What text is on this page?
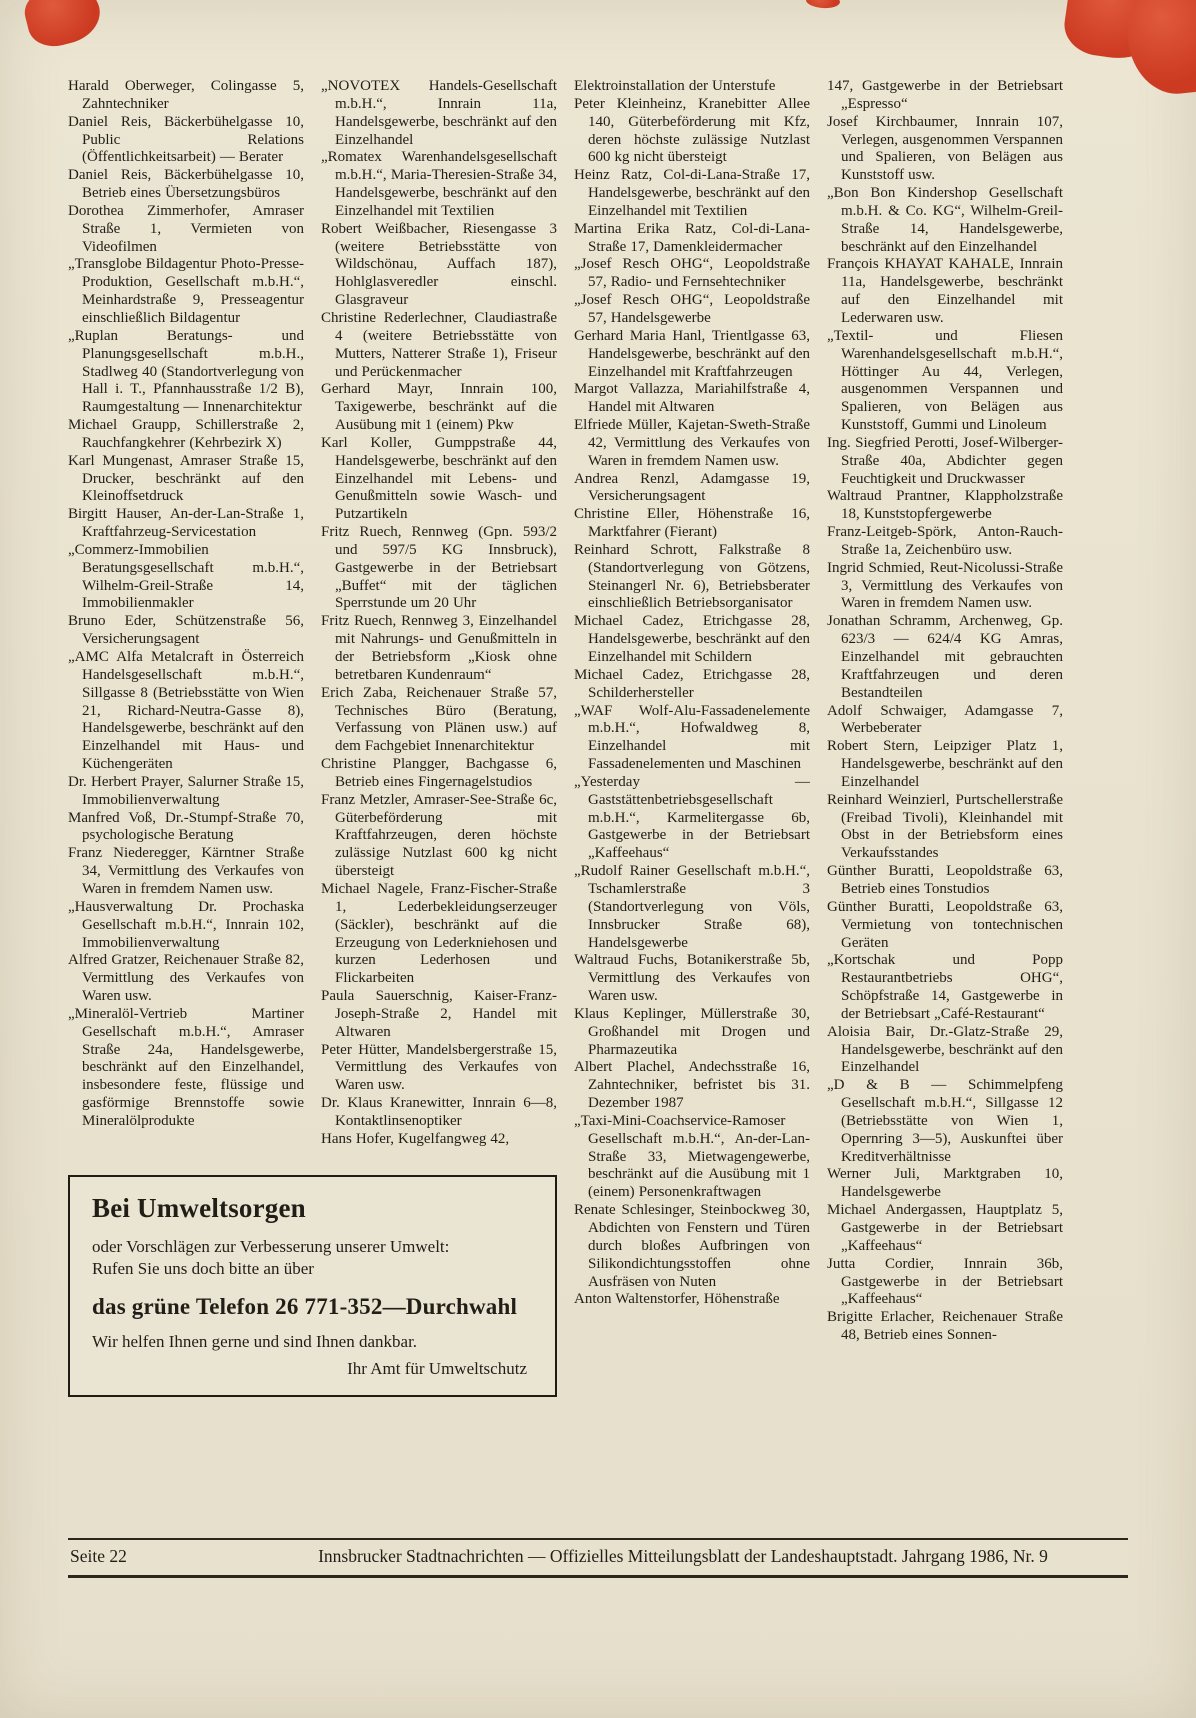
Harald Oberweger, Colingasse 5, Zahntechniker

Daniel Reis, Bäckerbühelgasse 10, Public Relations (Öffentlichkeitsarbeit) — Berater

Daniel Reis, Bäckerbühelgasse 10, Betrieb eines Übersetzungsbüros

Dorothea Zimmerhofer, Amraser Straße 1, Vermieten von Videofilmen

„Transglobe Bildagentur Photo-Presse-Produktion, Gesellschaft m.b.H.“, Meinhardstraße 9, Presseagentur einschließlich Bildagentur

„Ruplan Beratungs- und Planungsgesellschaft m.b.H., Stadlweg 40 (Standortverlegung von Hall i. T., Pfannhausstraße 1/2 B), Raumgestaltung — Innenarchitektur

Michael Graupp, Schillerstraße 2, Rauchfangkehrer (Kehrbezirk X)

Karl Mungenast, Amraser Straße 15, Drucker, beschränkt auf den Kleinoffsetdruck

Birgitt Hauser, An-der-Lan-Straße 1, Kraftfahrzeug-Servicestation

„Commerz-Immobilien Beratungsgesellschaft m.b.H.“, Wilhelm-Greil-Straße 14, Immobilienmakler

Bruno Eder, Schützenstraße 56, Versicherungsagent

„AMC Alfa Metalcraft in Österreich Handelsgesellschaft m.b.H.“, Sillgasse 8 (Betriebsstätte von Wien 21, Richard-Neutra-Gasse 8), Handelsgewerbe, beschränkt auf den Einzelhandel mit Haus- und Küchengeräten

Dr. Herbert Prayer, Salurner Straße 15, Immobilienverwaltung

Manfred Voß, Dr.-Stumpf-Straße 70, psychologische Beratung

Franz Niederegger, Kärntner Straße 34, Vermittlung des Verkaufes von Waren in fremdem Namen usw.

„Hausverwaltung Dr. Prochaska Gesellschaft m.b.H.“, Innrain 102, Immobilienverwaltung

Alfred Gratzer, Reichenauer Straße 82, Vermittlung des Verkaufes von Waren usw.

„Mineralöl-Vertrieb Martiner Gesellschaft m.b.H.“, Amraser Straße 24a, Handelsgewerbe, beschränkt auf den Einzelhandel, insbesondere feste, flüssige und gasförmige Brennstoffe sowie Mineralölprodukte

„NOVOTEX Handels-Gesellschaft m.b.H.“, Innrain 11a, Handelsgewerbe, beschränkt auf den Einzelhandel

„Romatex Warenhandelsgesellschaft m.b.H.“, Maria-Theresien-Straße 34, Handelsgewerbe, beschränkt auf den Einzelhandel mit Textilien

Robert Weißbacher, Riesengasse 3 (weitere Betriebsstätte von Wildschönau, Auffach 187), Hohlglasveredler einschl. Glasgraveur

Christine Rederlechner, Claudiastraße 4 (weitere Betriebsstätte von Mutters, Natterer Straße 1), Friseur und Perückenmacher

Gerhard Mayr, Innrain 100, Taxigewerbe, beschränkt auf die Ausübung mit 1 (einem) Pkw

Karl Koller, Gumppstraße 44, Handelsgewerbe, beschränkt auf den Einzelhandel mit Lebens- und Genußmitteln sowie Wasch- und Putzartikeln

Fritz Ruech, Rennweg (Gpn. 593/2 und 597/5 KG Innsbruck), Gastgewerbe in der Betriebsart „Buffet“ mit der täglichen Sperrstunde um 20 Uhr

Fritz Ruech, Rennweg 3, Einzelhandel mit Nahrungs- und Genußmitteln in der Betriebsform „Kiosk ohne betretbaren Kundenraum“

Erich Zaba, Reichenauer Straße 57, Technisches Büro (Beratung, Verfassung von Plänen usw.) auf dem Fachgebiet Innenarchitektur

Christine Plangger, Bachgasse 6, Betrieb eines Fingernagelstudios

Franz Metzler, Amraser-See-Straße 6c, Güterbeförderung mit Kraftfahrzeugen, deren höchste zulässige Nutzlast 600 kg nicht übersteigt

Michael Nagele, Franz-Fischer-Straße 1, Lederbekleidungserzeuger (Säckler), beschränkt auf die Erzeugung von Lederkniehosen und kurzen Lederhosen und Flickarbeiten

Paula Sauerschnig, Kaiser-Franz-Joseph-Straße 2, Handel mit Altwaren

Peter Hütter, Mandelsbergerstraße 15, Vermittlung des Verkaufes von Waren usw.

Dr. Klaus Kranewitter, Innrain 6—8, Kontaktlinsenoptiker

Hans Hofer, Kugelfangweg 42,

Bei Umweltsorgen

oder Vorschlägen zur Verbesserung unserer Umwelt:

Rufen Sie uns doch bitte an über

das grüne Telefon 26 771-352—Durchwahl

Wir helfen Ihnen gerne und sind Ihnen dankbar.

Ihr Amt für Umweltschutz

Elektroinstallation der Unterstufe

Peter Kleinheinz, Kranebitter Allee 140, Güterbeförderung mit Kfz, deren höchste zulässige Nutzlast 600 kg nicht übersteigt

Heinz Ratz, Col-di-Lana-Straße 17, Handelsgewerbe, beschränkt auf den Einzelhandel mit Textilien

Martina Erika Ratz, Col-di-Lana-Straße 17, Damenkleidermacher

„Josef Resch OHG“, Leopoldstraße 57, Radio- und Fernsehtechniker

„Josef Resch OHG“, Leopoldstraße 57, Handelsgewerbe

Gerhard Maria Hanl, Trientlgasse 63, Handelsgewerbe, beschränkt auf den Einzelhandel mit Kraftfahrzeugen

Margot Vallazza, Mariahilfstraße 4, Handel mit Altwaren

Elfriede Müller, Kajetan-Sweth-Straße 42, Vermittlung des Verkaufes von Waren in fremdem Namen usw.

Andrea Renzl, Adamgasse 19, Versicherungsagent

Christine Eller, Höhenstraße 16, Marktfahrer (Fierant)

Reinhard Schrott, Falkstraße 8 (Standortverlegung von Götzens, Steinangerl Nr. 6), Betriebsberater einschließlich Betriebsorganisator

Michael Cadez, Etrichgasse 28, Handelsgewerbe, beschränkt auf den Einzelhandel mit Schildern

Michael Cadez, Etrichgasse 28, Schilderhersteller

„WAF Wolf-Alu-Fassadenelemente m.b.H.“, Hofwaldweg 8, Einzelhandel mit Fassadenelementen und Maschinen

„Yesterday — Gaststättenbetriebsgesellschaft m.b.H.“, Karmelitergasse 6b, Gastgewerbe in der Betriebsart „Kaffeehaus“

„Rudolf Rainer Gesellschaft m.b.H.“, Tschamlerstraße 3 (Standortverlegung von Völs, Innsbrucker Straße 68), Handelsgewerbe

Waltraud Fuchs, Botanikerstraße 5b, Vermittlung des Verkaufes von Waren usw.

Klaus Keplinger, Müllerstraße 30, Großhandel mit Drogen und Pharmazeutika

Albert Plachel, Andechsstraße 16, Zahntechniker, befristet bis 31. Dezember 1987

„Taxi-Mini-Coachservice-Ramoser Gesellschaft m.b.H.“, An-der-Lan-Straße 33, Mietwagengewerbe, beschränkt auf die Ausübung mit 1 (einem) Personenkraftwagen

Renate Schlesinger, Steinbockweg 30, Abdichten von Fenstern und Türen durch bloßes Aufbringen von Silikondichtungsstoffen ohne Ausfräsen von Nuten

Anton Waltenstorfer, Höhenstraße

147, Gastgewerbe in der Betriebsart „Espresso“

Josef Kirchbaumer, Innrain 107, Verlegen, ausgenommen Verspannen und Spalieren, von Belägen aus Kunststoff usw.

„Bon Bon Kindershop Gesellschaft m.b.H. & Co. KG“, Wilhelm-Greil-Straße 14, Handelsgewerbe, beschränkt auf den Einzelhandel

François KHAYAT KAHALE, Innrain 11a, Handelsgewerbe, beschränkt auf den Einzelhandel mit Lederwaren usw.

„Textil- und Fliesen Warenhandelsgesellschaft m.b.H.“, Höttinger Au 44, Verlegen, ausgenommen Verspannen und Spalieren, von Belägen aus Kunststoff, Gummi und Linoleum

Ing. Siegfried Perotti, Josef-Wilberger-Straße 40a, Abdichter gegen Feuchtigkeit und Druckwasser

Waltraud Prantner, Klappholzstraße 18, Kunststopfergewerbe

Franz-Leitgeb-Spörk, Anton-Rauch-Straße 1a, Zeichenbüro usw.

Ingrid Schmied, Reut-Nicolussi-Straße 3, Vermittlung des Verkaufes von Waren in fremdem Namen usw.

Jonathan Schramm, Archenweg, Gp. 623/3 — 624/4 KG Amras, Einzelhandel mit gebrauchten Kraftfahrzeugen und deren Bestandteilen

Adolf Schwaiger, Adamgasse 7, Werbeberater

Robert Stern, Leipziger Platz 1, Handelsgewerbe, beschränkt auf den Einzelhandel

Reinhard Weinzierl, Purtschellerstraße (Freibad Tivoli), Kleinhandel mit Obst in der Betriebsform eines Verkaufsstandes

Günther Buratti, Leopoldstraße 63, Betrieb eines Tonstudios

Günther Buratti, Leopoldstraße 63, Vermietung von tontechnischen Geräten

„Kortschak und Popp Restaurantbetriebs OHG“, Schöpfstraße 14, Gastgewerbe in der Betriebsart „Café-Restaurant“

Aloisia Bair, Dr.-Glatz-Straße 29, Handelsgewerbe, beschränkt auf den Einzelhandel

„D & B — Schimmelpfeng Gesellschaft m.b.H.“, Sillgasse 12 (Betriebsstätte von Wien 1, Opernring 3—5), Auskunftei über Kreditverhältnisse

Werner Juli, Marktgraben 10, Handelsgewerbe

Michael Andergassen, Hauptplatz 5, Gastgewerbe in der Betriebsart „Kaffeehaus“

Jutta Cordier, Innrain 36b, Gastgewerbe in der Betriebsart „Kaffeehaus“

Brigitte Erlacher, Reichenauer Straße 48, Betrieb eines Sonnen-

Seite 22	Innsbrucker Stadtnachrichten — Offizielles Mitteilungsblatt der Landeshauptstadt. Jahrgang 1986, Nr. 9
